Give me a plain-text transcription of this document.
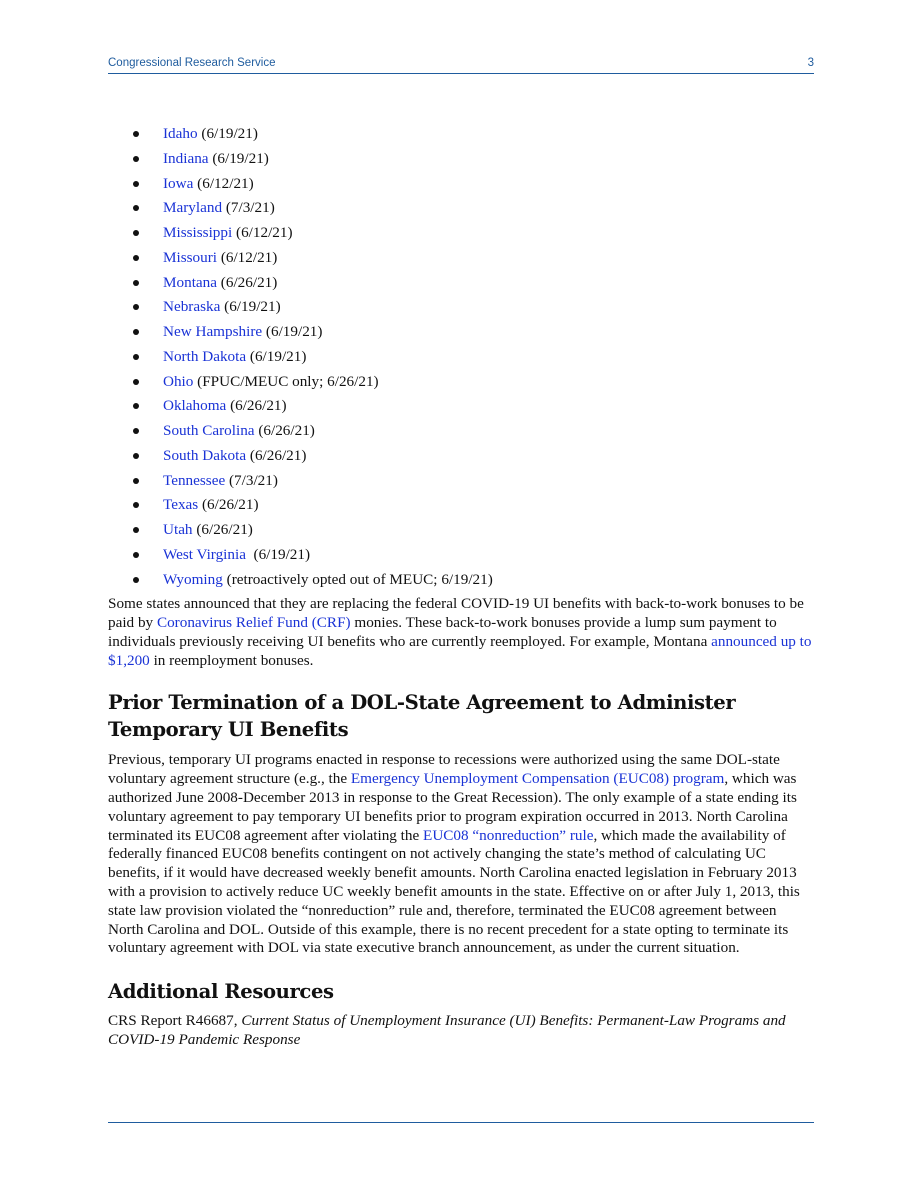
Congressional Research Service	3
Idaho (6/19/21)
Indiana (6/19/21)
Iowa (6/12/21)
Maryland (7/3/21)
Mississippi (6/12/21)
Missouri (6/12/21)
Montana (6/26/21)
Nebraska (6/19/21)
New Hampshire (6/19/21)
North Dakota (6/19/21)
Ohio (FPUC/MEUC only; 6/26/21)
Oklahoma (6/26/21)
South Carolina (6/26/21)
South Dakota (6/26/21)
Tennessee (7/3/21)
Texas (6/26/21)
Utah (6/26/21)
West Virginia  (6/19/21)
Wyoming (retroactively opted out of MEUC; 6/19/21)

Some states announced that they are replacing the federal COVID-19 UI benefits with back-to-work bonuses to be paid by Coronavirus Relief Fund (CRF) monies. These back-to-work bonuses provide a lump sum payment to individuals previously receiving UI benefits who are currently reemployed. For example, Montana announced up to $1,200 in reemployment bonuses.

Prior Termination of a DOL-State Agreement to Administer Temporary UI Benefits

Previous, temporary UI programs enacted in response to recessions were authorized using the same DOL-state voluntary agreement structure (e.g., the Emergency Unemployment Compensation (EUC08) program, which was authorized June 2008-December 2013 in response to the Great Recession). The only example of a state ending its voluntary agreement to pay temporary UI benefits prior to program expiration occurred in 2013. North Carolina terminated its EUC08 agreement after violating the EUC08 “nonreduction” rule, which made the availability of federally financed EUC08 benefits contingent on not actively changing the state’s method of calculating UC benefits, if it would have decreased weekly benefit amounts. North Carolina enacted legislation in February 2013 with a provision to actively reduce UC weekly benefit amounts in the state. Effective on or after July 1, 2013, this state law provision violated the “nonreduction” rule and, therefore, terminated the EUC08 agreement between North Carolina and DOL. Outside of this example, there is no recent precedent for a state opting to terminate its voluntary agreement with DOL via state executive branch announcement, as under the current situation.

Additional Resources

CRS Report R46687, Current Status of Unemployment Insurance (UI) Benefits: Permanent-Law Programs and COVID-19 Pandemic Response
